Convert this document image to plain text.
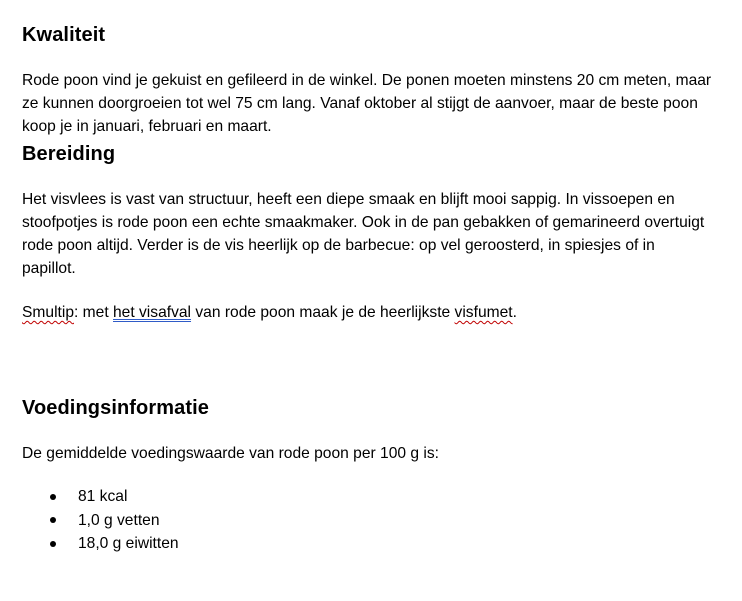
Kwaliteit

Rode poon vind je gekuist en gefileerd in de winkel. De ponen moeten minstens 20 cm meten, maar ze kunnen doorgroeien tot wel 75 cm lang. Vanaf oktober al stijgt de aanvoer, maar de beste poon koop je in januari, februari en maart.

Bereiding

Het visvlees is vast van structuur, heeft een diepe smaak en blijft mooi sappig. In vissoepen en stoofpotjes is rode poon een echte smaakmaker. Ook in de pan gebakken of gemarineerd overtuigt rode poon altijd. Verder is de vis heerlijk op de barbecue: op vel geroosterd, in spiesjes of in papillot.

Smultip: met het visafval van rode poon maak je de heerlijkste visfumet.

Voedingsinformatie

De gemiddelde voedingswaarde van rode poon per 100 g is:

81 kcal
1,0 g vetten
18,0 g eiwitten
